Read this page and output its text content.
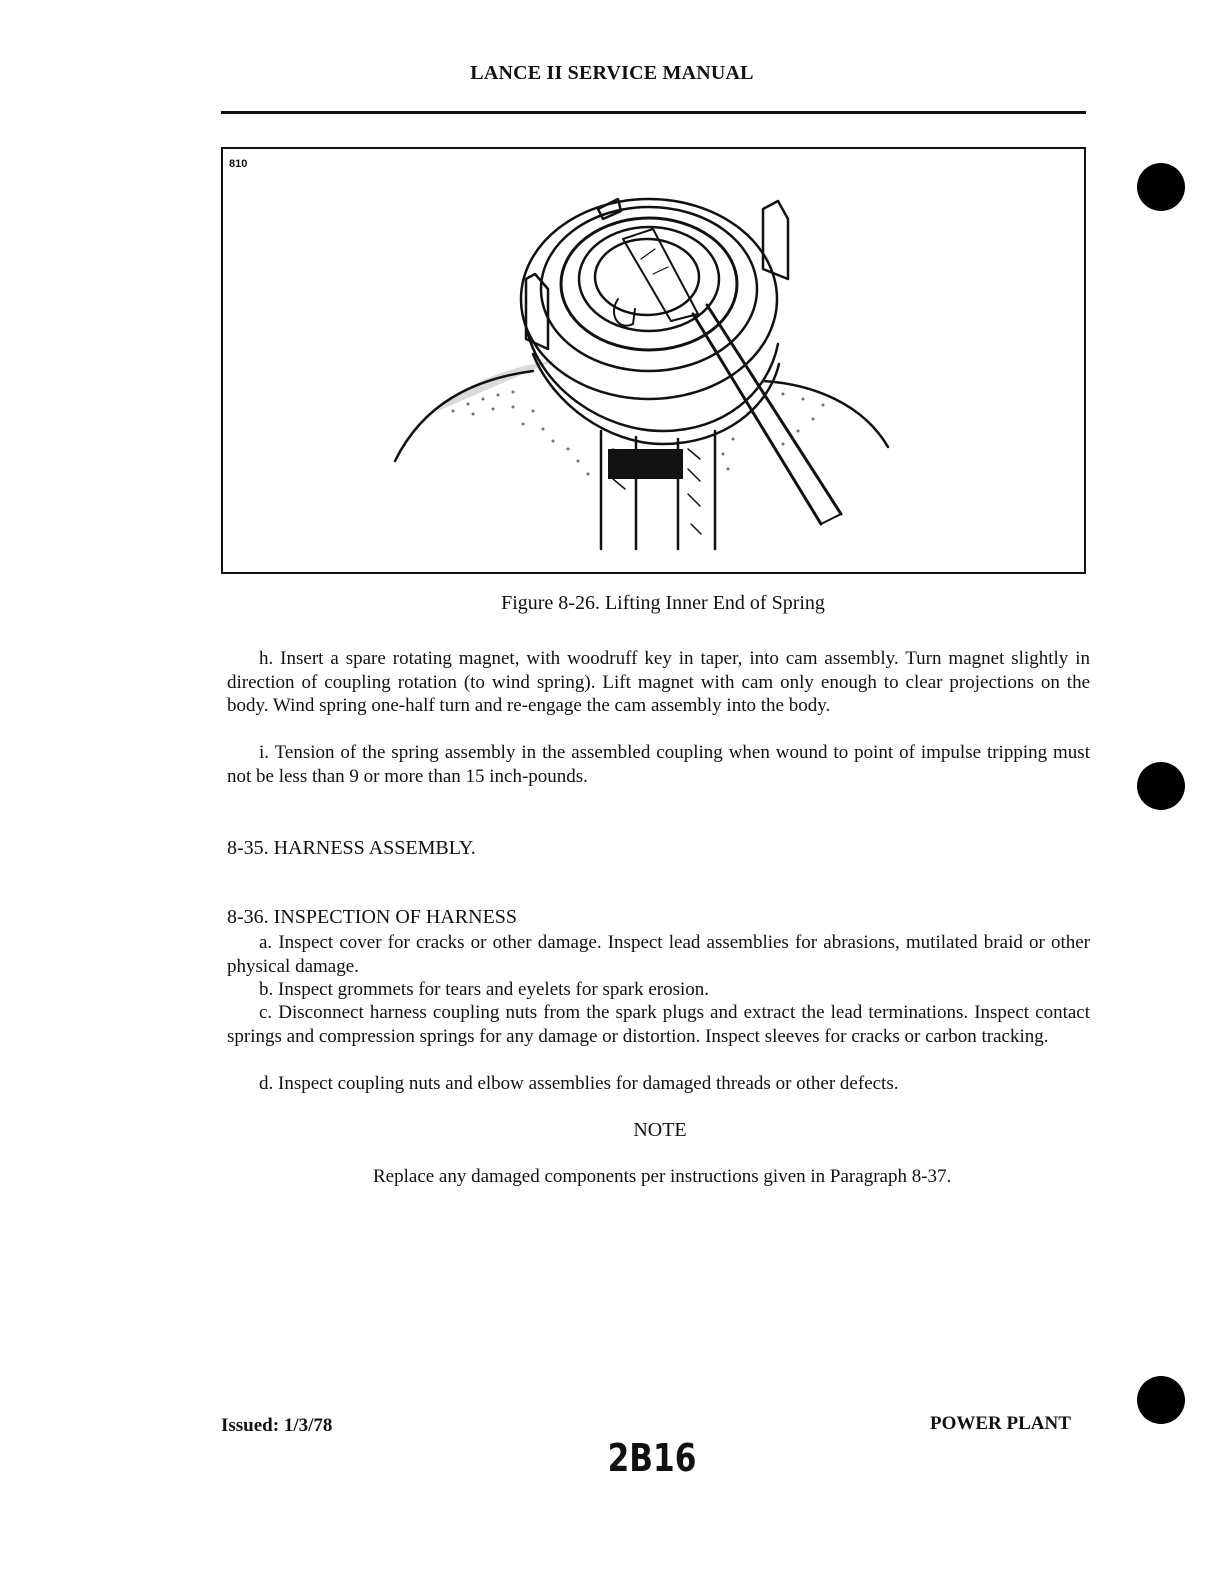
LANCE II SERVICE MANUAL
810
Figure 8-26. Lifting Inner End of Spring
h. Insert a spare rotating magnet, with woodruff key in taper, into cam assembly. Turn magnet slightly in direction of coupling rotation (to wind spring). Lift magnet with cam only enough to clear projections on the body. Wind spring one-half turn and re-engage the cam assembly into the body.
i. Tension of the spring assembly in the assembled coupling when wound to point of impulse tripping must not be less than 9 or more than 15 inch-pounds.
8-35. HARNESS ASSEMBLY.
8-36. INSPECTION OF HARNESS
a. Inspect cover for cracks or other damage. Inspect lead assemblies for abrasions, mutilated braid or other physical damage.
b. Inspect grommets for tears and eyelets for spark erosion.
c. Disconnect harness coupling nuts from the spark plugs and extract the lead terminations. Inspect contact springs and compression springs for any damage or distortion. Inspect sleeves for cracks or carbon tracking.
d. Inspect coupling nuts and elbow assemblies for damaged threads or other defects.
NOTE
Replace any damaged components per instructions given in Paragraph 8-37.
Issued: 1/3/78	POWER PLANT
2B16
